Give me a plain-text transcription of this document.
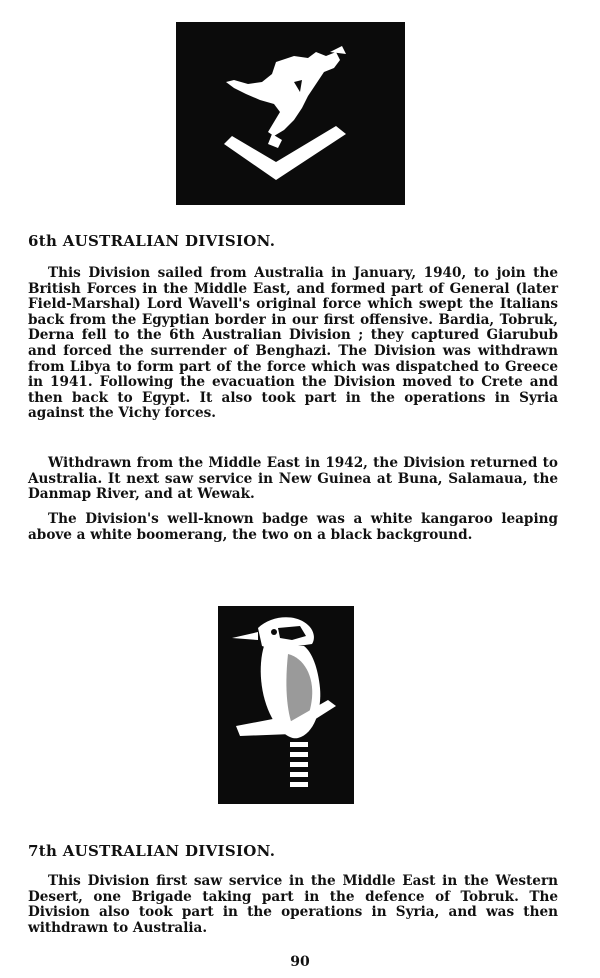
6th AUSTRALIAN DIVISION.

This Division sailed from Australia in January, 1940, to join the British Forces in the Middle East, and formed part of General (later Field-Marshal) Lord Wavell's original force which swept the Italians back from the Egyptian border in our first offensive. Bardia, Tobruk, Derna fell to the 6th Australian Division ; they captured Giarubub and forced the surrender of Benghazi. The Division was withdrawn from Libya to form part of the force which was dispatched to Greece in 1941. Following the evacuation the Division moved to Crete and then back to Egypt. It also took part in the operations in Syria against the Vichy forces.

Withdrawn from the Middle East in 1942, the Division returned to Australia. It next saw service in New Guinea at Buna, Salamaua, the Danmap River, and at Wewak.

The Division's well-known badge was a white kangaroo leaping above a white boomerang, the two on a black background.

7th AUSTRALIAN DIVISION.

This Division first saw service in the Middle East in the Western Desert, one Brigade taking part in the defence of Tobruk. The Division also took part in the operations in Syria, and was then withdrawn to Australia.

90
